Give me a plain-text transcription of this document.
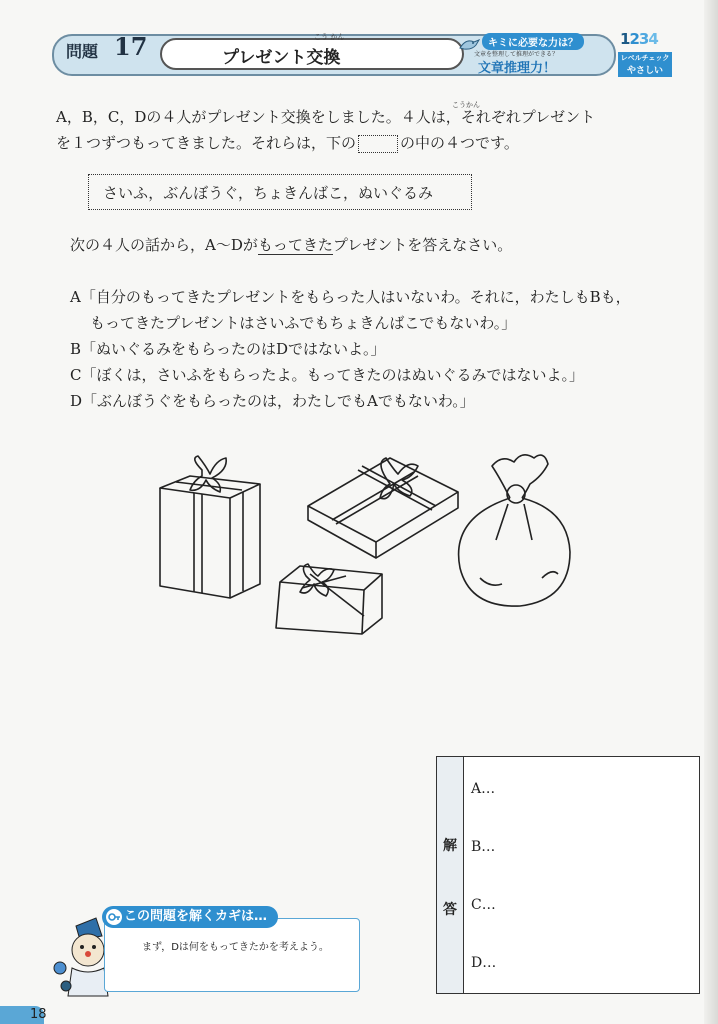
問題 17	こう かん
プレゼント交換
キミに必要な力は？
文章を整理して推理ができる？
文章推理力！
1234
レベルチェック
やさしい
こうかん
A，B，C，Dの４人がプレゼント交換をしました。４人は，それぞれプレゼント
を１つずつもってきました。それらは，下の	の中の４つです。
さいふ，ぶんぼうぐ，ちょきんばこ，ぬいぐるみ
次の４人の話から，A～Dがもってきたプレゼントを答えなさい。
A「自分のもってきたプレゼントをもらった人はいないわ。それに，わたしもBも，
もってきたプレゼントはさいふでもちょきんばこでもないわ。」
B「ぬいぐるみをもらったのはDではないよ。」
C「ぼくは，さいふをもらったよ。もってきたのはぬいぐるみではないよ。」
D「ぶんぼうぐをもらったのは，わたしでもAでもないわ。」
この問題を解くカギは…
まず，Dは何をもってきたかを考えよう。
解
答
A…
B…
C…
D…
18
